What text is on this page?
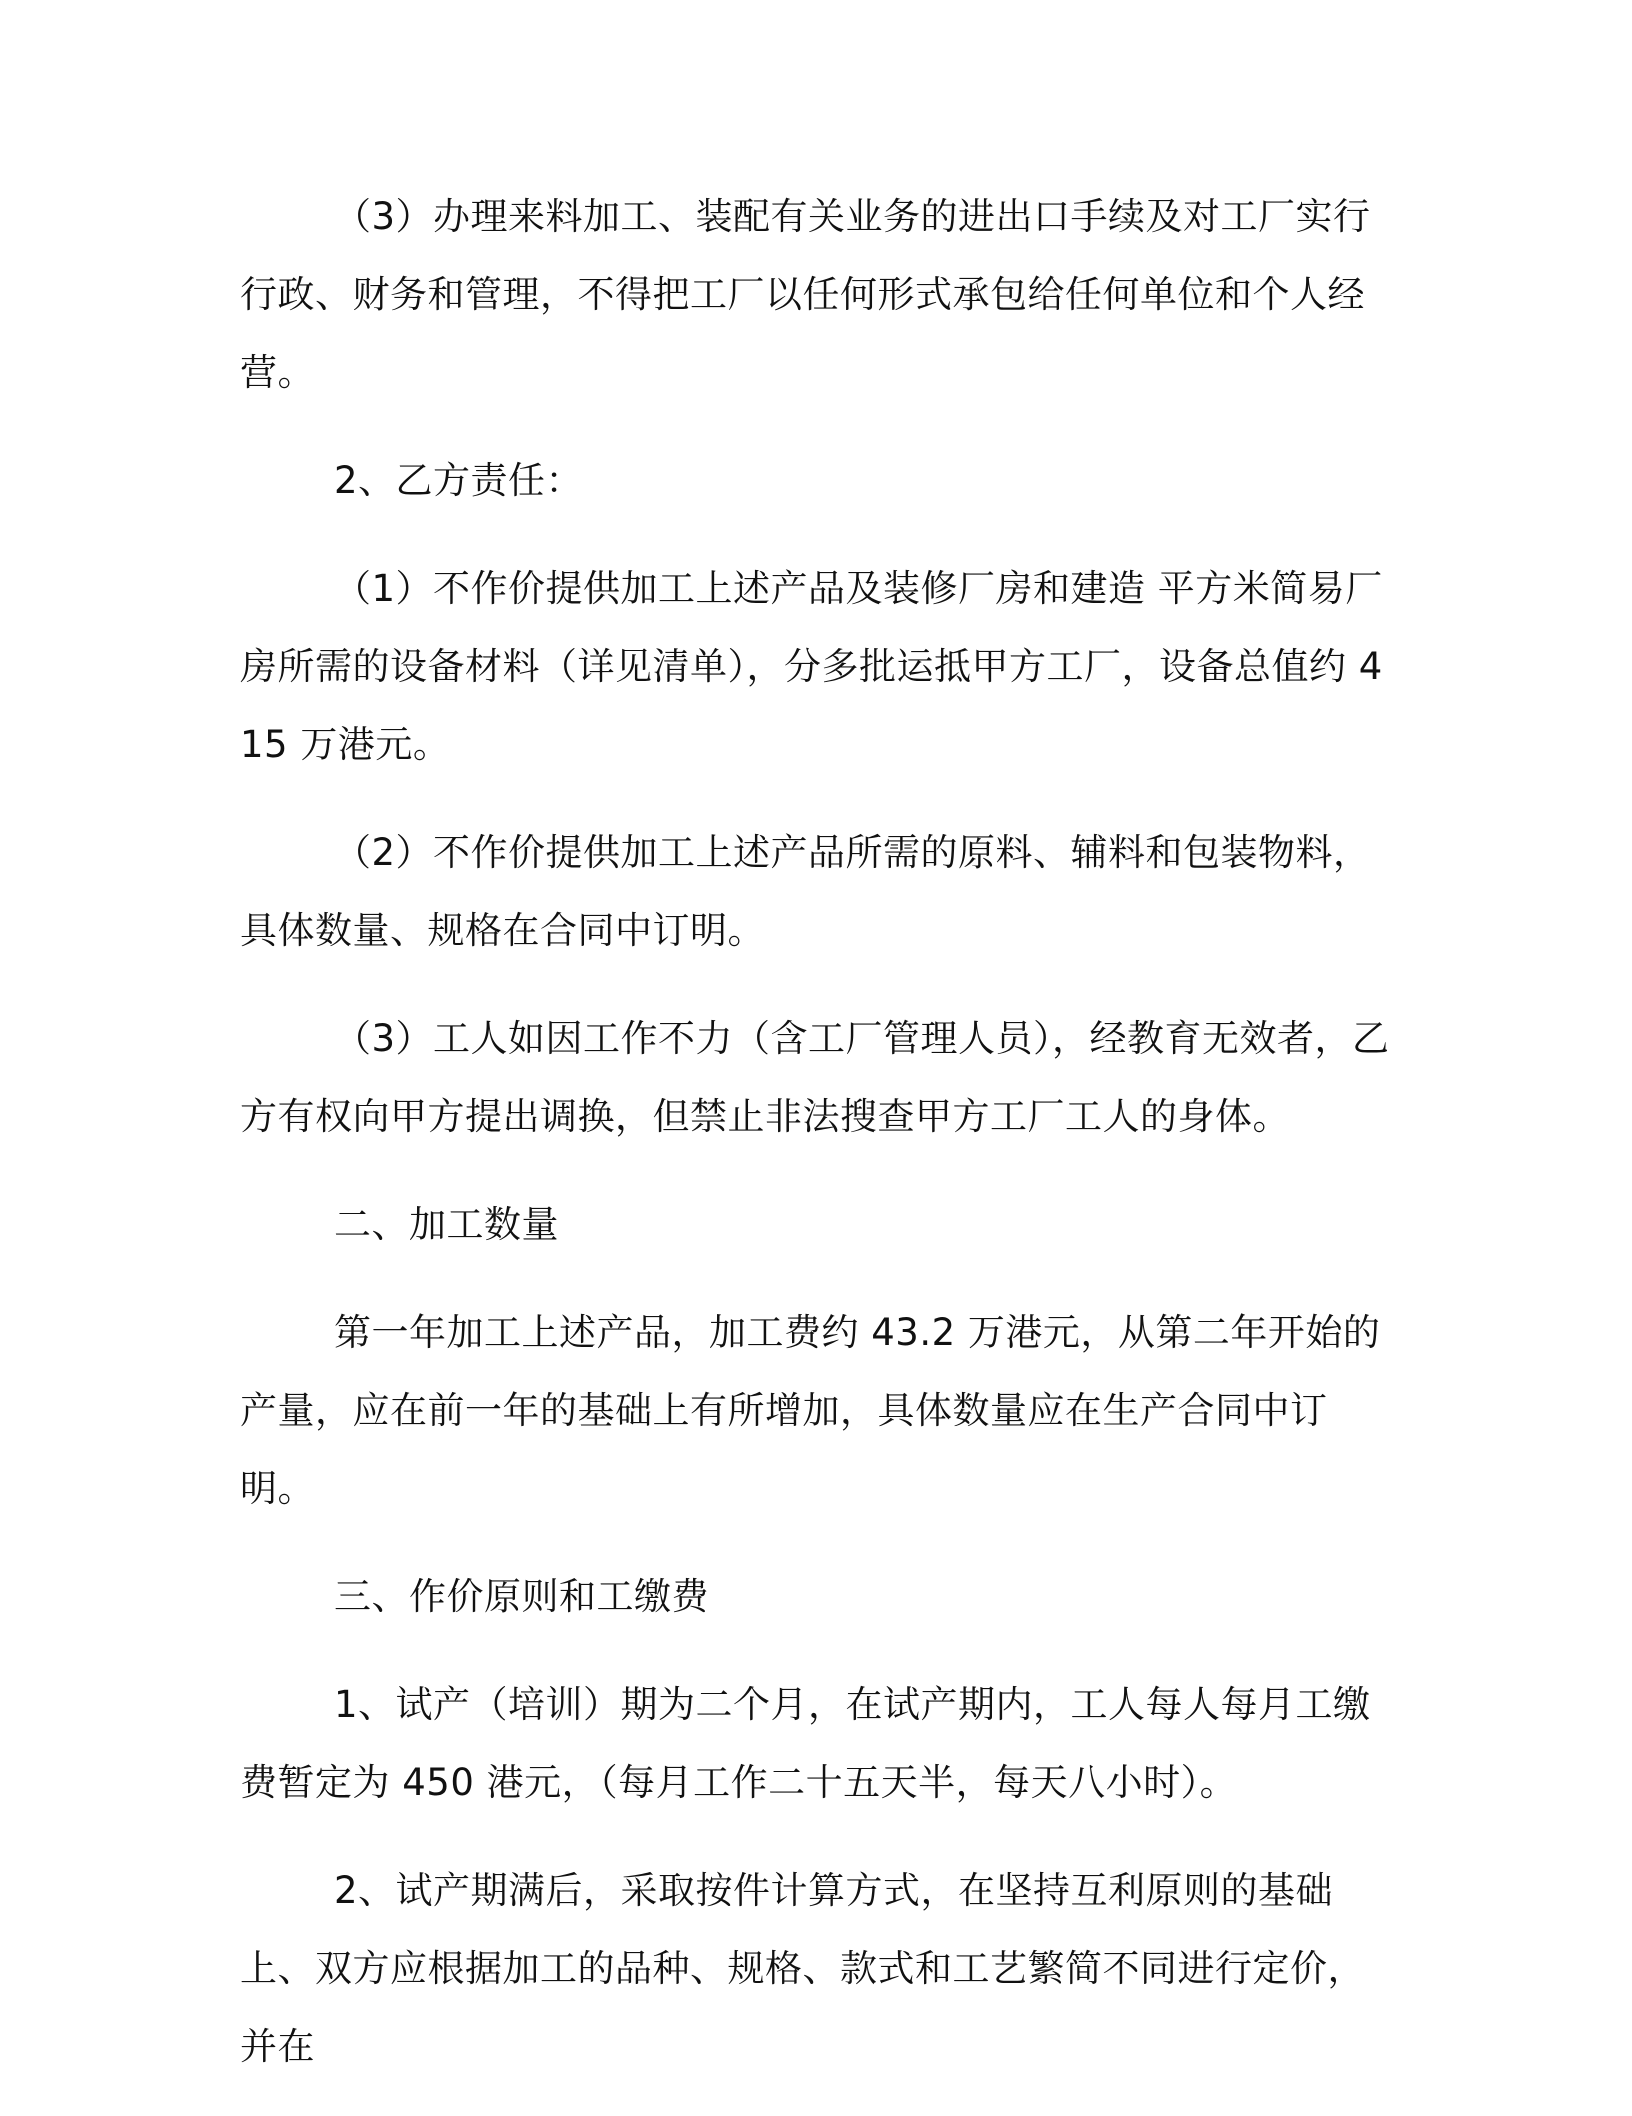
（3）办理来料加工、装配有关业务的进出口手续及对工厂实行行政、财务和管理，不得把工厂以任何形式承包给任何单位和个人经营。

2、乙方责任：

（1）不作价提供加工上述产品及装修厂房和建造 平方米简易厂房所需的设备材料（详见清单），分多批运抵甲方工厂，设备总值约 415 万港元。

（2）不作价提供加工上述产品所需的原料、辅料和包装物料，具体数量、规格在合同中订明。

（3）工人如因工作不力（含工厂管理人员），经教育无效者，乙方有权向甲方提出调换，但禁止非法搜查甲方工厂工人的身体。

二、加工数量

第一年加工上述产品，加工费约 43.2 万港元，从第二年开始的产量，应在前一年的基础上有所增加，具体数量应在生产合同中订明。

三、作价原则和工缴费

1、试产（培训）期为二个月，在试产期内，工人每人每月工缴费暂定为 450 港元，（每月工作二十五天半，每天八小时）。

2、试产期满后，采取按件计算方式，在坚持互利原则的基础上、双方应根据加工的品种、规格、款式和工艺繁简不同进行定价，并在
